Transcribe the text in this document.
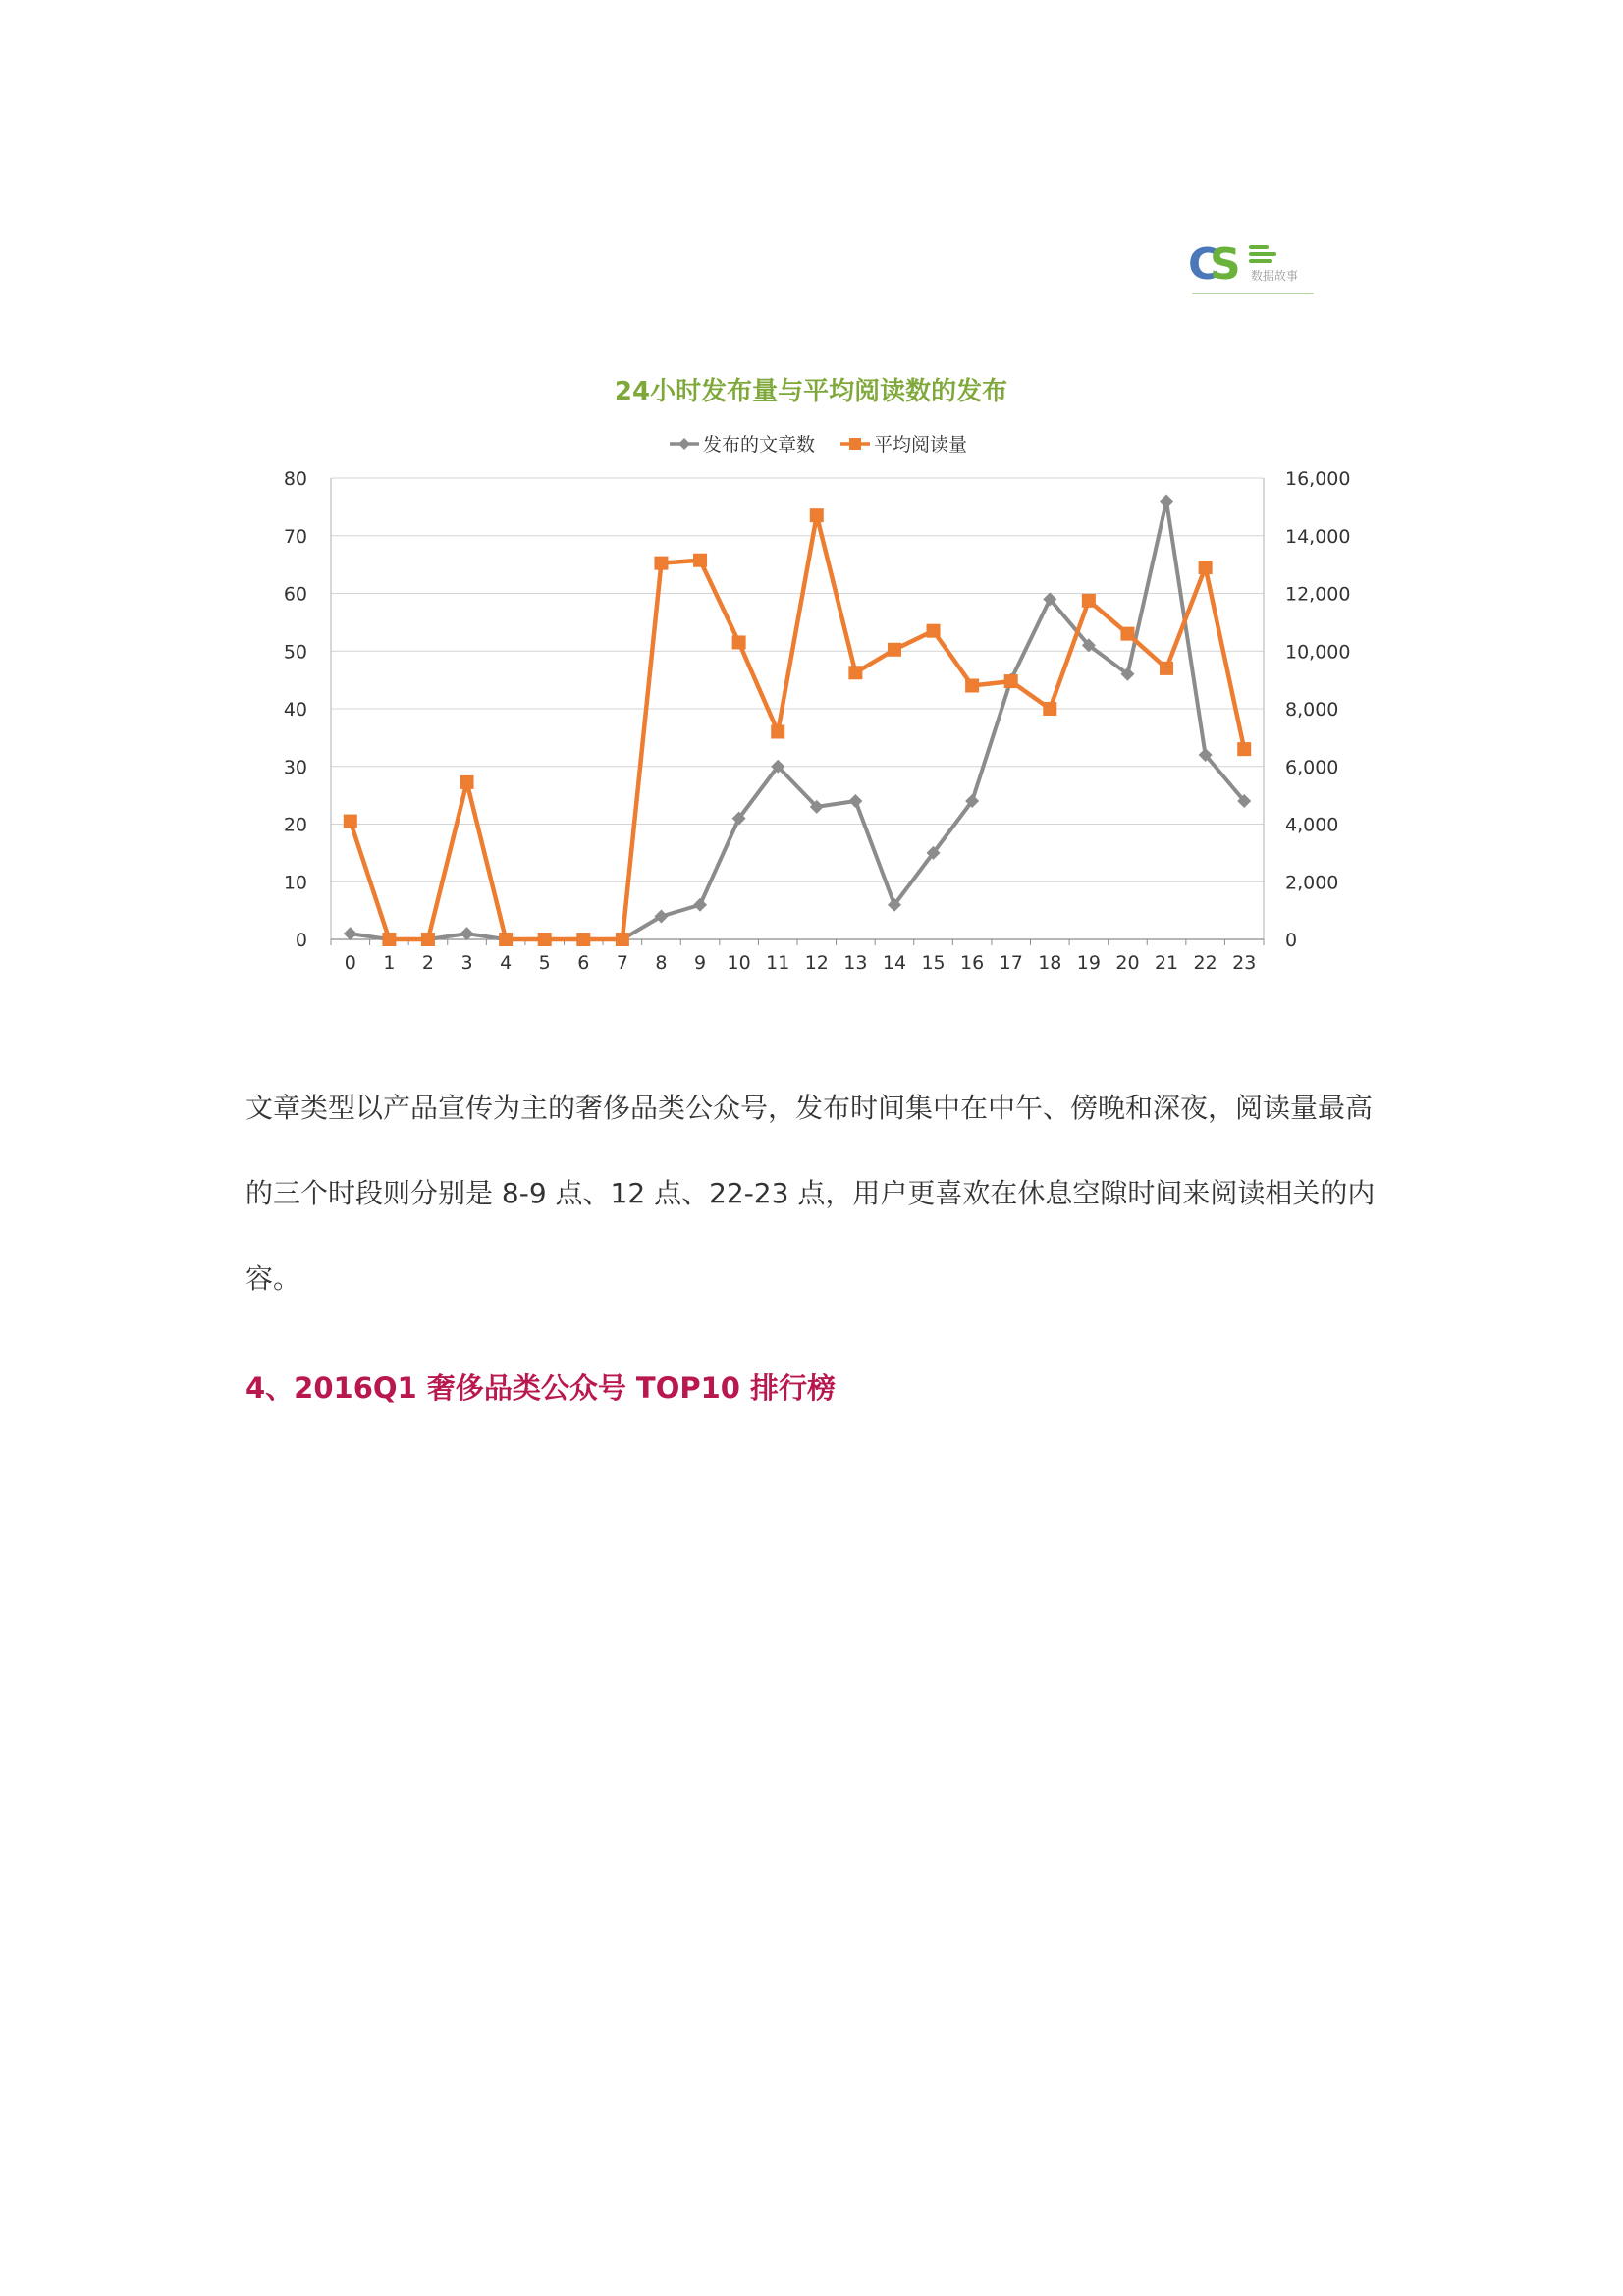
C
S 数据故事
24小时发布量与平均阅读数的发布
发布的文章数	平均阅读量
0	0
10	2,000
20	4,000
30	6,000
40	8,000
50	10,000
60	12,000
70	14,000
80	16,000
0 1 2 3 4 5 6 7 8 9 10 11 12 13 14 15 16 17 18 19 20 21 22 23

文章类型以产品宣传为主的奢侈品类公众号，发布时间集中在中午、傍晚和深夜，阅读量最高的三个时段则分别是 8-9 点、12 点、22-23 点，用户更喜欢在休息空隙时间来阅读相关的内容。

4、2016Q1 奢侈品类公众号 TOP10 排行榜
